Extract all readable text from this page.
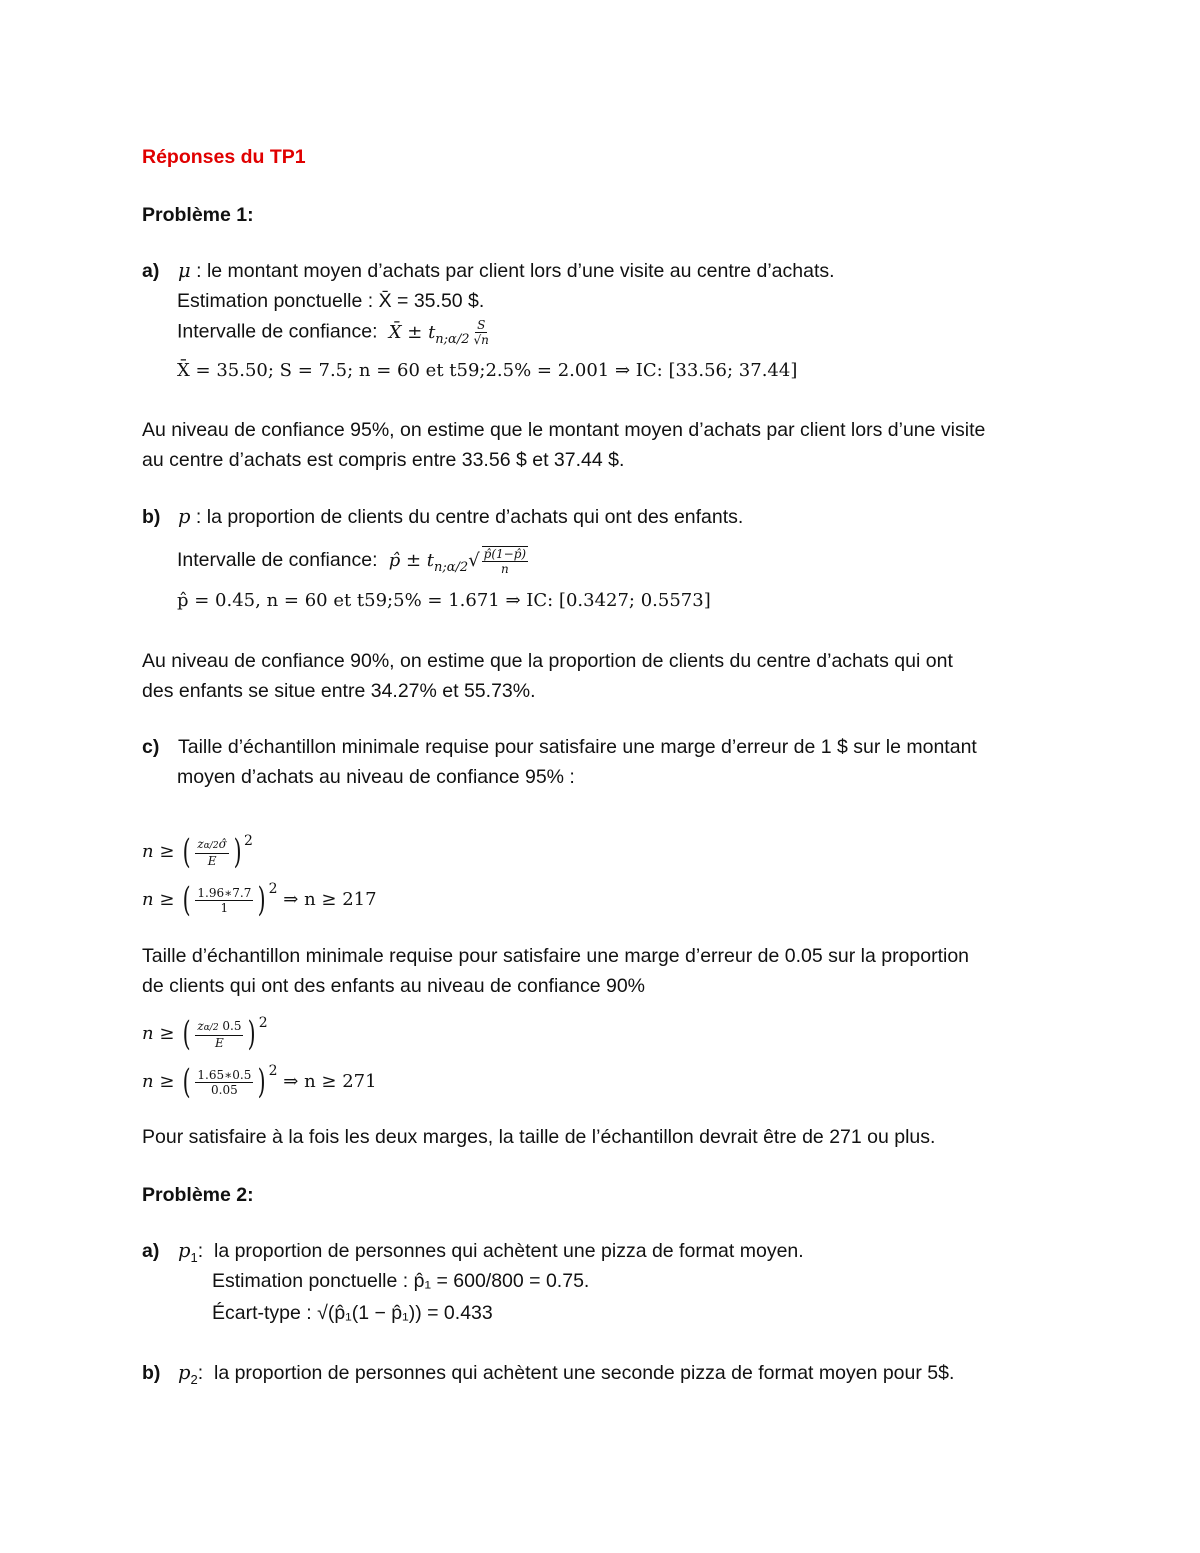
Réponses du TP1
Problème 1:
a) μ : le montant moyen d’achats par client lors d’une visite au centre d’achats.
Estimation ponctuelle : X̄ = 35.50 $.
Intervalle de confiance: X̄ ± $t_{n;\alpha/2} \frac{S}{√n}$
X̄ = 35.50; S = 7.5; n = 60 et t59;2.5% = 2.001 ⇒ IC: [33.56; 37.44]
Au niveau de confiance 95%, on estime que le montant moyen d’achats par client lors d’une visite
au centre d’achats est compris entre 33.56 $ et 37.44 $.
b) p : la proportion de clients du centre d’achats qui ont des enfants.
Intervalle de confiance: p̂ ± $t_{n;\alpha/2}√ \frac{p̂(1-p̂)}{n}$
p̂ = 0.45, n = 60 et t59;5% = 1.671 ⇒ IC: [0.3427; 0.5573]
Au niveau de confiance 90%, on estime que la proportion de clients du centre d’achats qui ont
des enfants se situe entre 34.27% et 55.73%.
c) Taille d’échantillon minimale requise pour satisfaire une marge d’erreur de 1 $ sur le montant
moyen d’achats au niveau de confiance 95% :
n ≥ ( $\frac{z\alpha/2\sigmâ}{E}$ ) $^2$
n ≥ ( $\frac{1.96∗7.7}{1}$ ) $^2$ ⇒ n ≥ 217
Taille d’échantillon minimale requise pour satisfaire une marge d’erreur de 0.05 sur la proportion
de clients qui ont des enfants au niveau de confiance 90%
n ≥ ( $\frac{z\alpha/2 0.5}{E}$ ) $^2$
n ≥ ( $\frac{1.65∗0.5}{0.05}$ ) $^2$ ⇒ n ≥ 271
Pour satisfaire à la fois les deux marges, la taille de l’échantillon devrait être de 271 ou plus.
Problème 2:
a) $p_1$:  la proportion de personnes qui achètent une pizza de format moyen.
Estimation ponctuelle : p̂₁ = 600/800 = 0.75.
Écart-type : √(p̂₁(1 − p̂₁)) = 0.433
b) $p_2$:  la proportion de personnes qui achètent une seconde pizza de format moyen pour 5$.
